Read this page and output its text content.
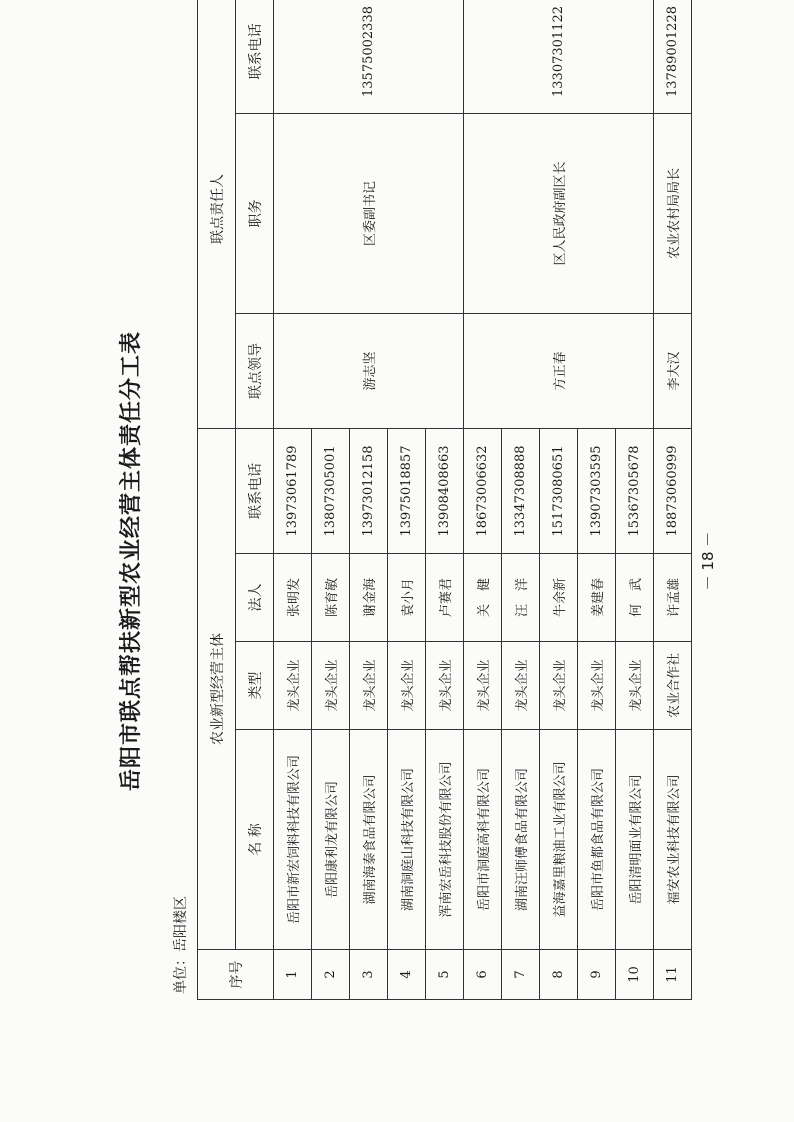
岳阳市联点帮扶新型农业经营主体责任分工表
单位：岳阳楼区	序号	农业新型经营主体				联点责任人		
	名 称	类型	法人	联系电话	联点领导	职务	联系电话
1	岳阳市新宏饲料科技有限公司	龙头企业	张明发	13973061789	游志坚	区委副书记	13575002338
2	岳阳康利龙有限公司	龙头企业	陈育敏	13807305001			
3	湖南海泰食品有限公司	龙头企业	谢金海	13973012158			
4	湖南洞庭山科技有限公司	龙头企业	袁小月	13975018857			
5	浑南宏岳科技股份有限公司	龙头企业	卢赛君	13908408663			
6	岳阳市洞庭高科有限公司	龙头企业	关　健	18673006632	方正春	区人民政府副区长	13307301122
7	湖南汪师傅食品有限公司	龙头企业	汪　洋	13347308888			
8	益海嘉里粮油工业有限公司	龙头企业	牛余新	15173080651			
9	岳阳市鱼都食品有限公司	龙头企业	姜建春	13907303595			
10	岳阳清明面业有限公司	龙头企业	何　武	15367305678			
11	福安农业科技有限公司	农业合作社	许孟雄	18873060999	李大汉	农业农村局局长	13789001228
－ 18 －
